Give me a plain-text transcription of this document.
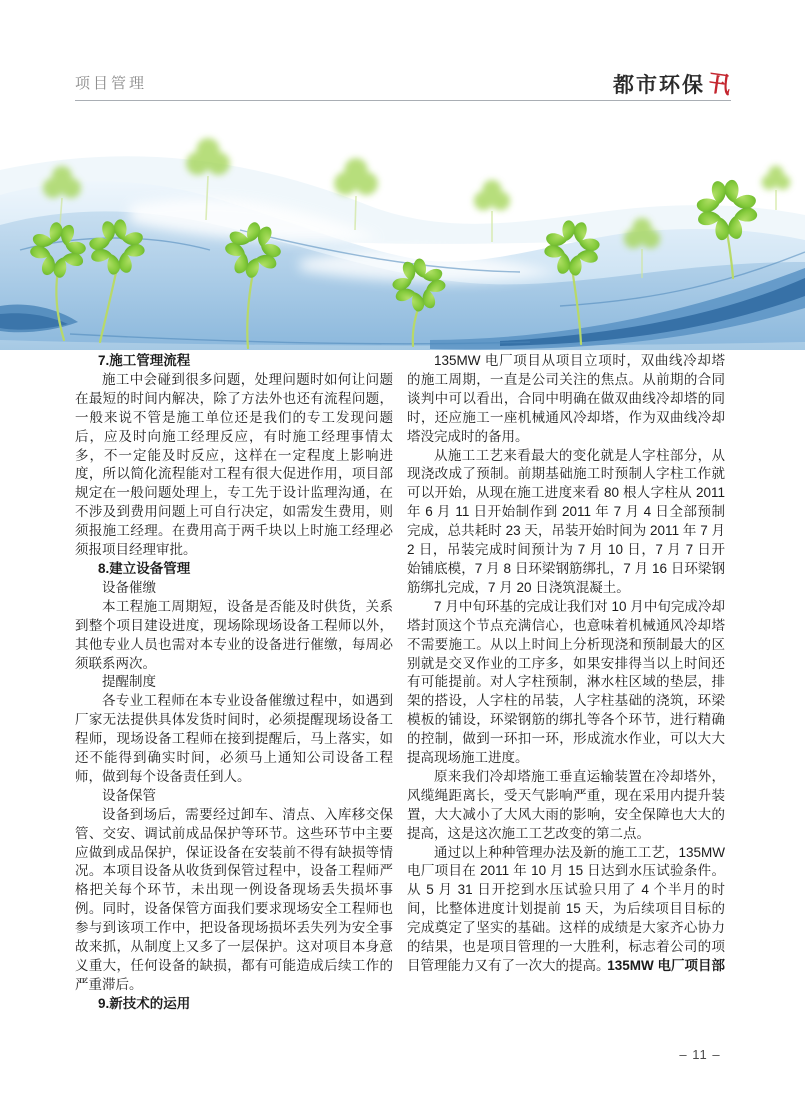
项目管理	都市环保 卂
7.施工管理流程

施工中会碰到很多问题，处理问题时如何让问题在最短的时间内解决，除了方法外也还有流程问题，一般来说不管是施工单位还是我们的专工发现问题后，应及时向施工经理反应，有时施工经理事情太多，不一定能及时反应，这样在一定程度上影响进度，所以简化流程能对工程有很大促进作用，项目部规定在一般问题处理上，专工先于设计监理沟通，在不涉及到费用问题上可自行决定，如需发生费用，则须报施工经理。在费用高于两千块以上时施工经理必须报项目经理审批。

8.建立设备管理

设备催缴

本工程施工周期短，设备是否能及时供货，关系到整个项目建设进度，现场除现场设备工程师以外，其他专业人员也需对本专业的设备进行催缴，每周必须联系两次。

提醒制度

各专业工程师在本专业设备催缴过程中，如遇到厂家无法提供具体发货时间时，必须提醒现场设备工程师，现场设备工程师在接到提醒后，马上落实，如还不能得到确实时间，必须马上通知公司设备工程师，做到每个设备责任到人。

设备保管

设备到场后，需要经过卸车、清点、入库移交保管、交安、调试前成品保护等环节。这些环节中主要应做到成品保护，保证设备在安装前不得有缺损等情况。本项目设备从收货到保管过程中，设备工程师严格把关每个环节，未出现一例设备现场丢失损坏事例。同时，设备保管方面我们要求现场安全工程师也参与到该项工作中，把设备现场损坏丢失列为安全事故来抓，从制度上又多了一层保护。这对项目本身意义重大，任何设备的缺损，都有可能造成后续工作的严重滞后。

9.新技术的运用

135MW 电厂项目从项目立项时，双曲线冷却塔的施工周期，一直是公司关注的焦点。从前期的合同谈判中可以看出，合同中明确在做双曲线冷却塔的同时，还应施工一座机械通风冷却塔，作为双曲线冷却塔没完成时的备用。

从施工工艺来看最大的变化就是人字柱部分，从现浇改成了预制。前期基础施工时预制人字柱工作就可以开始，从现在施工进度来看 80 根人字柱从 2011 年 6 月 11 日开始制作到 2011 年 7 月 4 日全部预制完成，总共耗时 23 天，吊装开始时间为 2011 年 7 月 2 日，吊装完成时间预计为 7 月 10 日，7 月 7 日开始铺底模，7 月 8 日环梁钢筋绑扎，7 月 16 日环梁钢筋绑扎完成，7 月 20 日浇筑混凝土。

7 月中旬环基的完成让我们对 10 月中旬完成冷却塔封顶这个节点充满信心，也意味着机械通风冷却塔不需要施工。从以上时间上分析现浇和预制最大的区别就是交叉作业的工序多，如果安排得当以上时间还有可能提前。对人字柱预制，淋水柱区域的垫层，排架的搭设，人字柱的吊装，人字柱基础的浇筑，环梁模板的铺设，环梁钢筋的绑扎等各个环节，进行精确的控制，做到一环扣一环，形成流水作业，可以大大提高现场施工进度。

原来我们冷却塔施工垂直运输装置在冷却塔外，风缆绳距离长，受天气影响严重，现在采用内提升装置，大大减小了大风大雨的影响，安全保障也大大的提高，这是这次施工工艺改变的第二点。

通过以上种种管理办法及新的施工工艺，135MW 电厂项目在 2011 年 10 月 15 日达到水压试验条件。从 5 月 31 日开挖到水压试验只用了 4 个半月的时间，比整体进度计划提前 15 天，为后续项目目标的完成奠定了坚实的基础。这样的成绩是大家齐心协力的结果，也是项目管理的一大胜利，标志着公司的项目管理能力又有了一次大的提高。

135MW 电厂项目部
– 11 –
